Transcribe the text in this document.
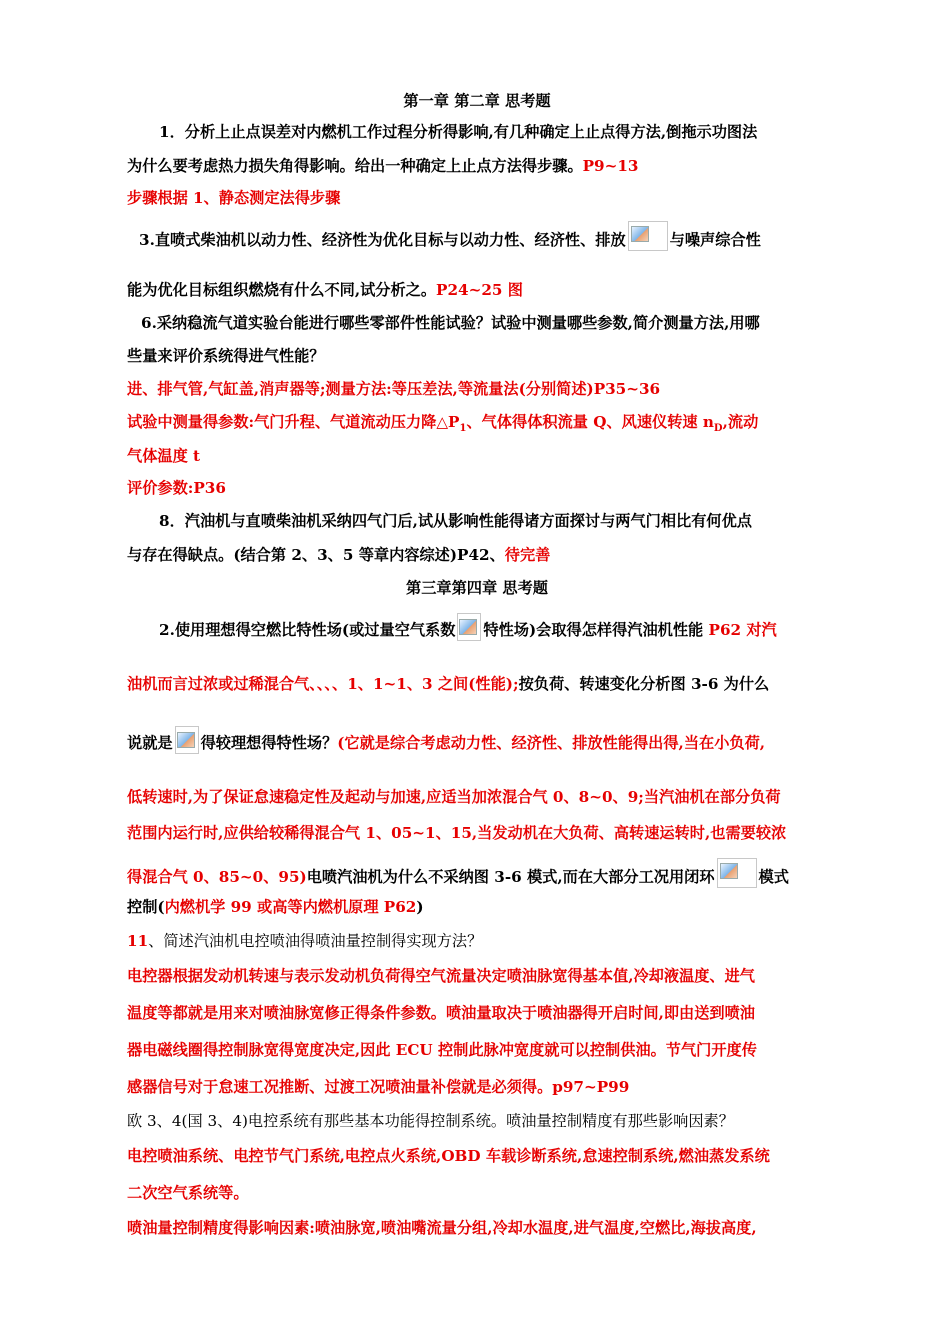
第一章 第二章 思考题
1．分析上止点误差对内燃机工作过程分析得影响,有几种确定上止点得方法,倒拖示功图法
为什么要考虑热力损失角得影响。给出一种确定上止点方法得步骤。P9~13
步骤根据 1、静态测定法得步骤
3.直喷式柴油机以动力性、经济性为优化目标与以动力性、经济性、排放	与噪声综合性
能为优化目标组织燃烧有什么不同,试分析之。P24~25 图
6.采纳稳流气道实验台能进行哪些零部件性能试验？试验中测量哪些参数,简介测量方法,用哪
些量来评价系统得进气性能？
进、排气管,气缸盖,消声器等;测量方法:等压差法,等流量法(分别简述)P35~36
试验中测量得参数:气门升程、气道流动压力降$\triangle P_1$、气体得体积流量 Q、风速仪转速 $n_D$,流动
气体温度 t
评价参数:P36
8．汽油机与直喷柴油机采纳四气门后,试从影响性能得诸方面探讨与两气门相比有何优点
与存在得缺点。(结合第 2、3、5 等章内容综述)P42、待完善
第三章第四章 思考题
2.使用理想得空燃比特性场(或过量空气系数 特性场)会取得怎样得汽油机性能 P62 对汽
油机而言过浓或过稀混合气、、、、1、1~1、3 之间(性能);按负荷、转速变化分析图 3-6 为什么
说就是 得较理想得特性场？(它就是综合考虑动力性、经济性、排放性能得出得,当在小负荷,
低转速时,为了保证怠速稳定性及起动与加速,应适当加浓混合气 0、8~0、9;当汽油机在部分负荷
范围内运行时,应供给较稀得混合气 1、05~1、15,当发动机在大负荷、高转速运转时,也需要较浓
得混合气 0、85~0、95)电喷汽油机为什么不采纳图 3-6 模式,而在大部分工况用闭环	模式
控制(内燃机学 99 或高等内燃机原理 P62)
11、简述汽油机电控喷油得喷油量控制得实现方法？
电控器根据发动机转速与表示发动机负荷得空气流量决定喷油脉宽得基本值,冷却液温度、进气
温度等都就是用来对喷油脉宽修正得条件参数。喷油量取决于喷油器得开启时间,即由送到喷油
器电磁线圈得控制脉宽得宽度决定,因此 ECU 控制此脉冲宽度就可以控制供油。节气门开度传
感器信号对于怠速工况推断、过渡工况喷油量补偿就是必须得。p97~P99
欧 3、4(国 3、4)电控系统有那些基本功能得控制系统。喷油量控制精度有那些影响因素？
电控喷油系统、电控节气门系统,电控点火系统,OBD 车载诊断系统,怠速控制系统,燃油蒸发系统
二次空气系统等。
喷油量控制精度得影响因素:喷油脉宽,喷油嘴流量分组,冷却水温度,进气温度,空燃比,海拔高度,
